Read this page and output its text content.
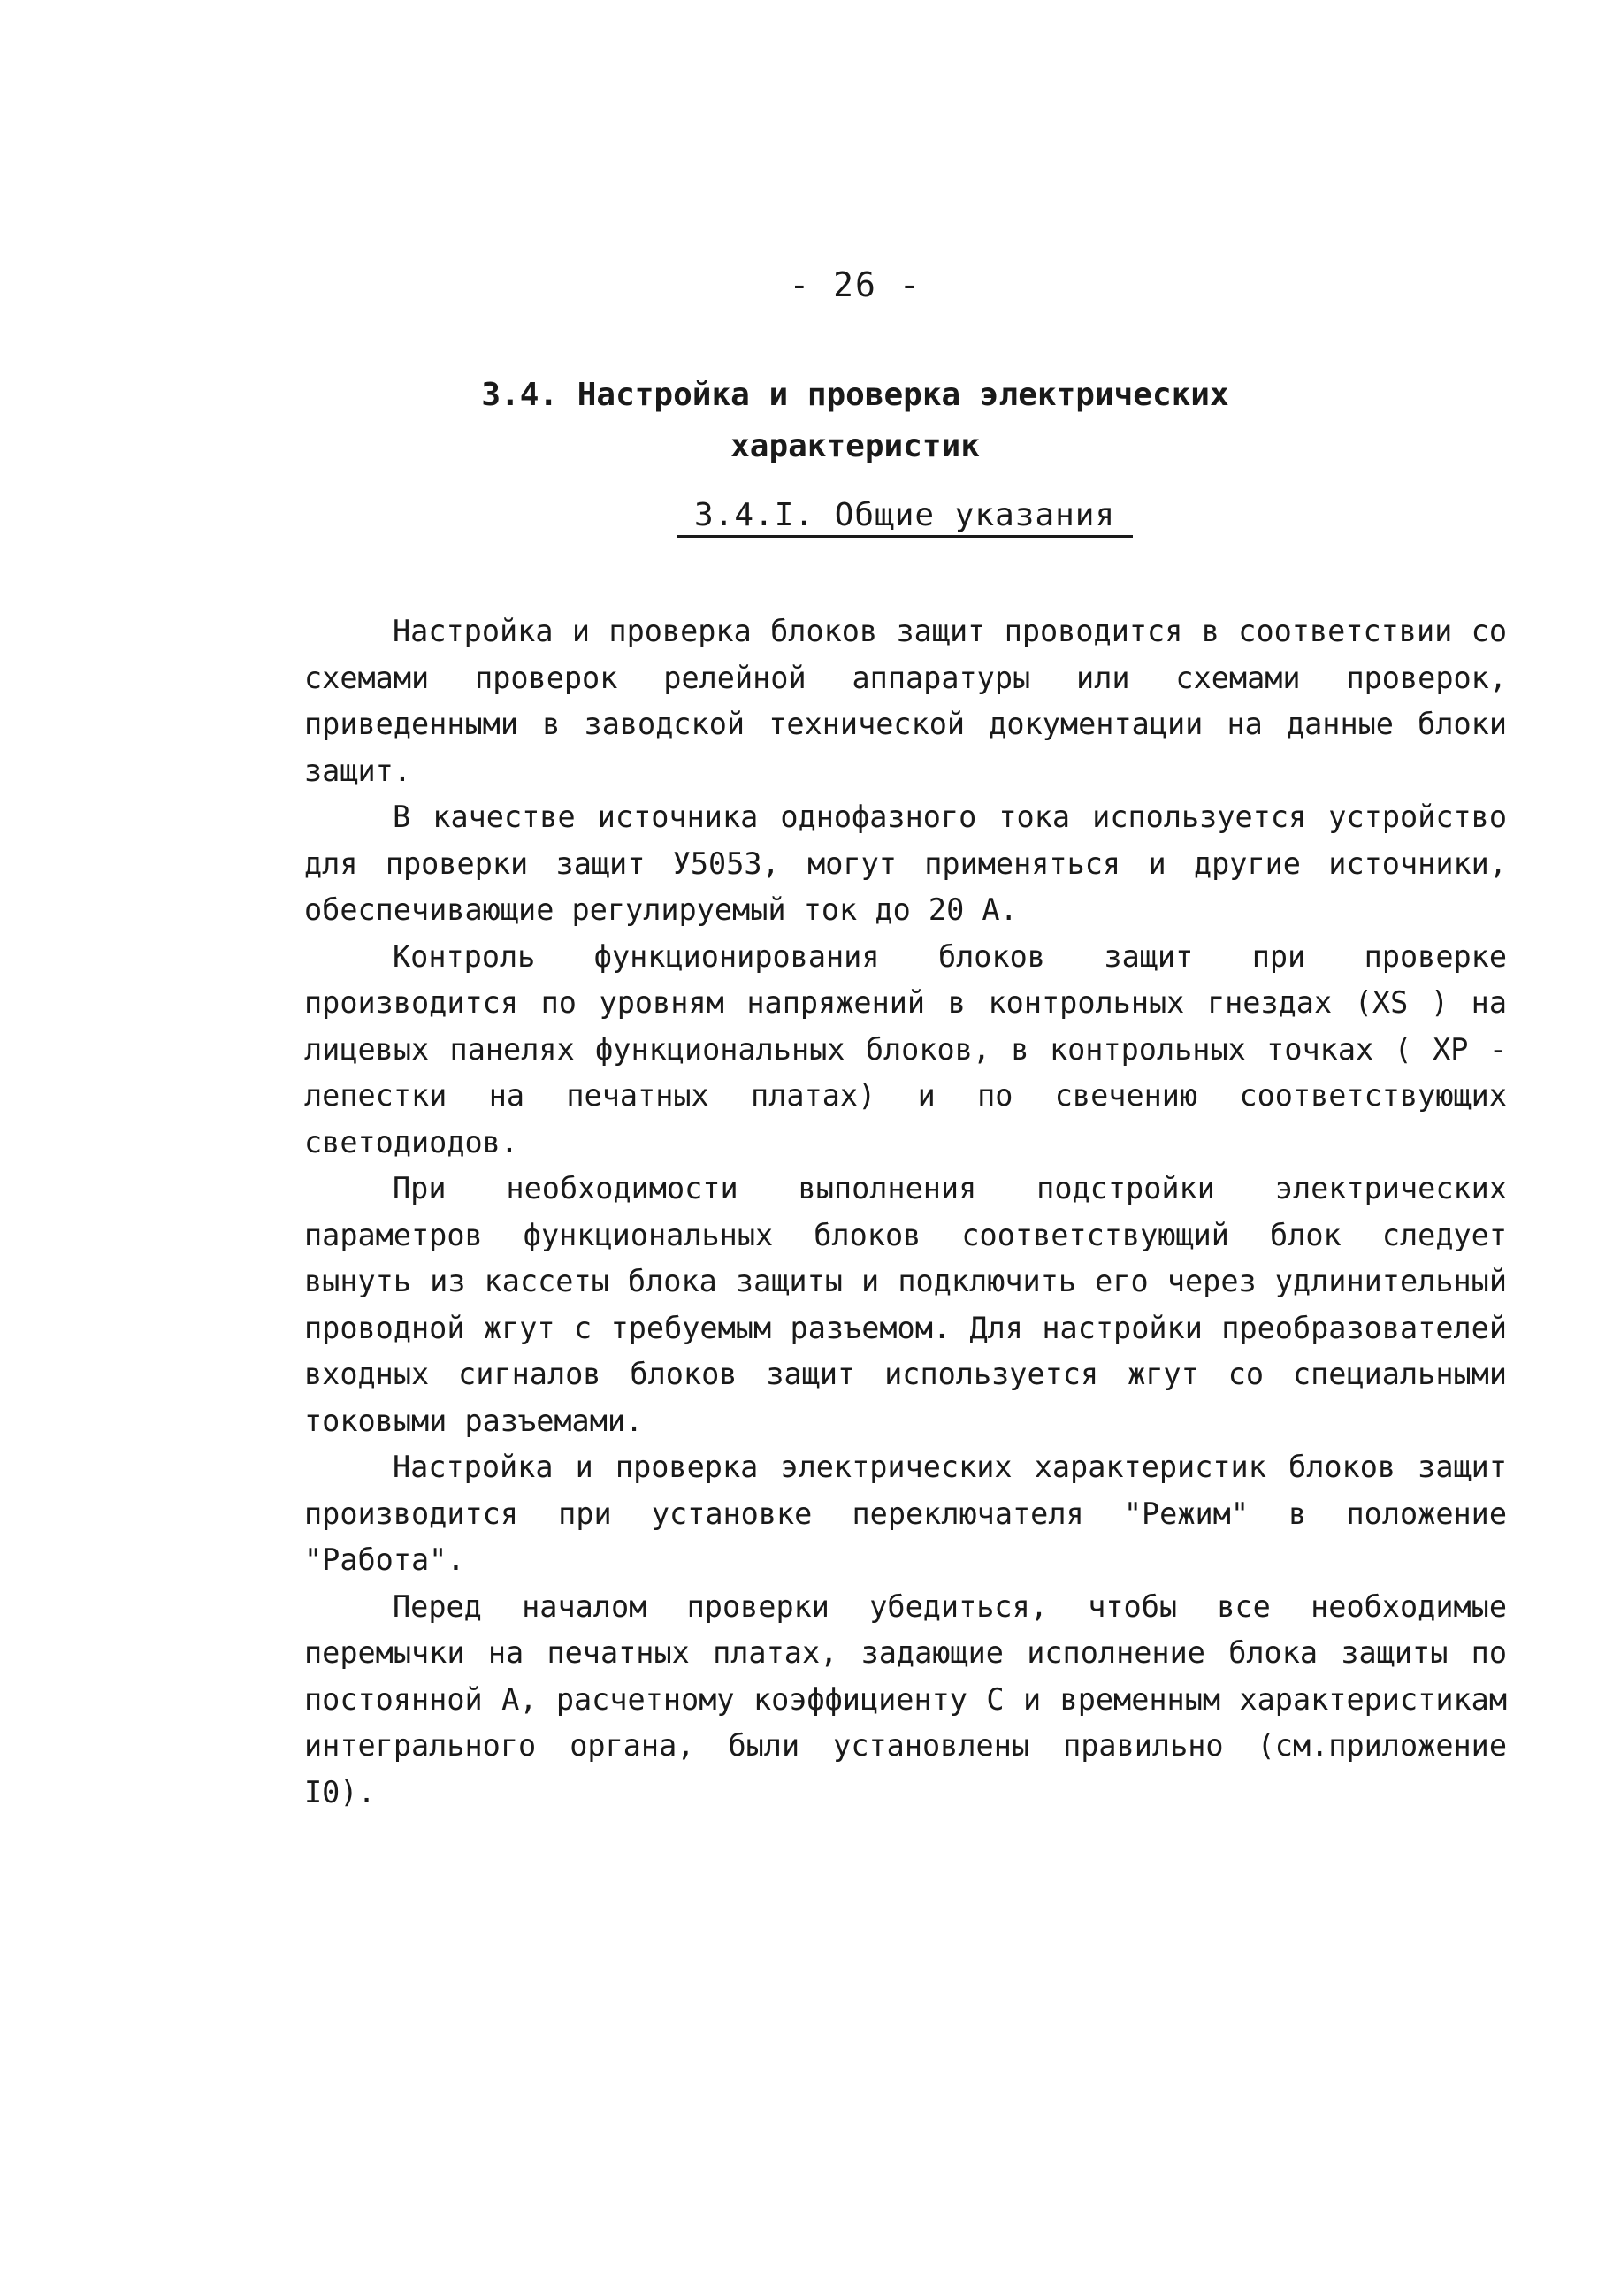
- 26 -
3.4. Настройка и проверка электрических
характеристик
3.4.I. Общие указания

Настройка и проверка блоков защит проводится в соответствии со схемами проверок релейной аппаратуры или схемами проверок, приведенными в заводской технической документации на данные блоки защит.

В качестве источника однофазного тока используется устройство для проверки защит У5053, могут применяться и другие источники, обеспечивающие регулируемый ток до 20 А.

Контроль функционирования блоков защит при проверке производится по уровням напряжений в контрольных гнездах (XS ) на лицевых панелях функциональных блоков, в контрольных точках ( XP - лепестки на печатных платах) и по свечению соответствующих светодиодов.

При необходимости выполнения подстройки электрических параметров функциональных блоков соответствующий блок следует вынуть из кассеты блока защиты и подключить его через удлинительный проводной жгут с требуемым разъемом. Для настройки преобразователей входных сигналов блоков защит используется жгут со специальными токовыми разъемами.

Настройка и проверка электрических характеристик блоков защит производится при установке переключателя "Режим" в положение "Работа".

Перед началом проверки убедиться, чтобы все необходимые перемычки на печатных платах, задающие исполнение блока защиты по постоянной А, расчетному коэффициенту С и временным характеристикам интегрального органа, были установлены правильно (см.приложение I0).
